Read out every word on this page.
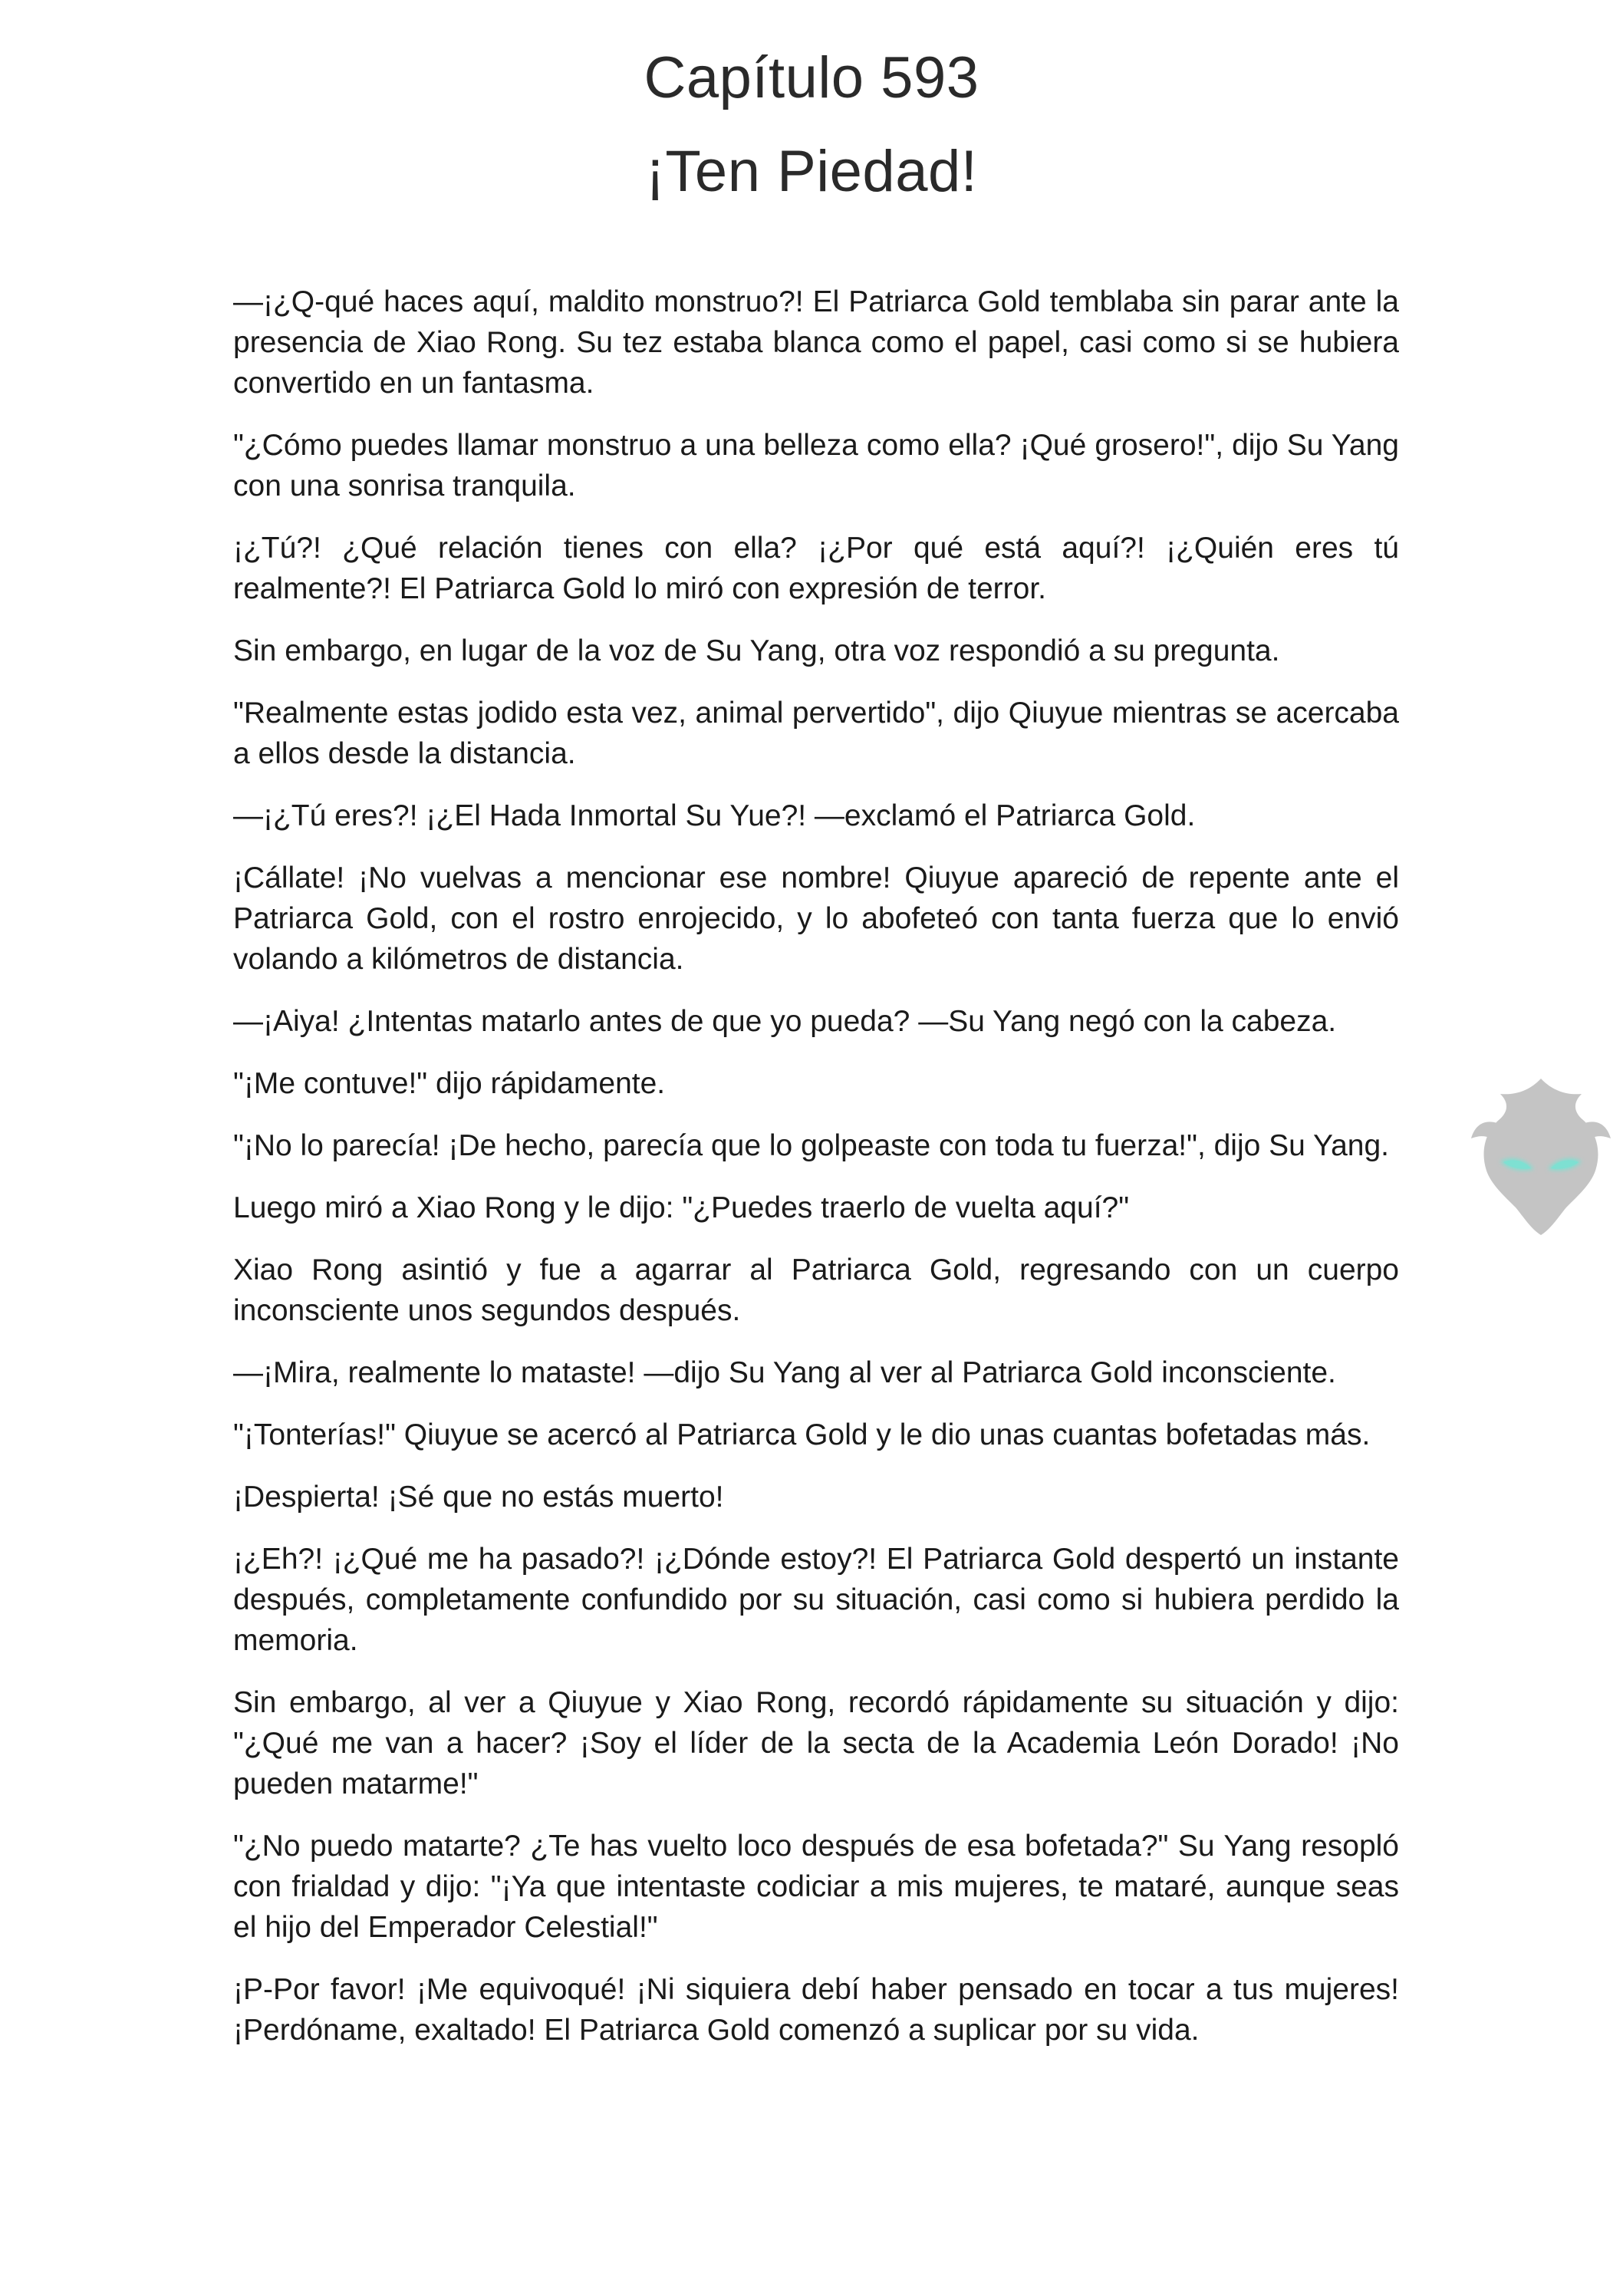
Capítulo 593
¡Ten Piedad!

—¡¿Q-qué haces aquí, maldito monstruo?! El Patriarca Gold temblaba sin parar ante la presencia de Xiao Rong. Su tez estaba blanca como el papel, casi como si se hubiera convertido en un fantasma.

"¿Cómo puedes llamar monstruo a una belleza como ella? ¡Qué grosero!", dijo Su Yang con una sonrisa tranquila.

¡¿Tú?! ¿Qué relación tienes con ella? ¡¿Por qué está aquí?! ¡¿Quién eres tú realmente?! El Patriarca Gold lo miró con expresión de terror.

Sin embargo, en lugar de la voz de Su Yang, otra voz respondió a su pregunta.

"Realmente estas jodido esta vez, animal pervertido", dijo Qiuyue mientras se acercaba a ellos desde la distancia.

—¡¿Tú eres?! ¡¿El Hada Inmortal Su Yue?! —exclamó el Patriarca Gold.

¡Cállate! ¡No vuelvas a mencionar ese nombre! Qiuyue apareció de repente ante el Patriarca Gold, con el rostro enrojecido, y lo abofeteó con tanta fuerza que lo envió volando a kilómetros de distancia.

—¡Aiya! ¿Intentas matarlo antes de que yo pueda? —Su Yang negó con la cabeza.

"¡Me contuve!" dijo rápidamente.

"¡No lo parecía! ¡De hecho, parecía que lo golpeaste con toda tu fuerza!", dijo Su Yang.

Luego miró a Xiao Rong y le dijo: "¿Puedes traerlo de vuelta aquí?"

Xiao Rong asintió y fue a agarrar al Patriarca Gold, regresando con un cuerpo inconsciente unos segundos después.

—¡Mira, realmente lo mataste! —dijo Su Yang al ver al Patriarca Gold inconsciente.

"¡Tonterías!" Qiuyue se acercó al Patriarca Gold y le dio unas cuantas bofetadas más.

¡Despierta! ¡Sé que no estás muerto!

¡¿Eh?! ¡¿Qué me ha pasado?! ¡¿Dónde estoy?! El Patriarca Gold despertó un instante después, completamente confundido por su situación, casi como si hubiera perdido la memoria.

Sin embargo, al ver a Qiuyue y Xiao Rong, recordó rápidamente su situación y dijo: "¿Qué me van a hacer? ¡Soy el líder de la secta de la Academia León Dorado! ¡No pueden matarme!"

"¿No puedo matarte? ¿Te has vuelto loco después de esa bofetada?" Su Yang resopló con frialdad y dijo: "¡Ya que intentaste codiciar a mis mujeres, te mataré, aunque seas el hijo del Emperador Celestial!"

¡P-Por favor! ¡Me equivoqué! ¡Ni siquiera debí haber pensado en tocar a tus mujeres! ¡Perdóname, exaltado! El Patriarca Gold comenzó a suplicar por su vida.
